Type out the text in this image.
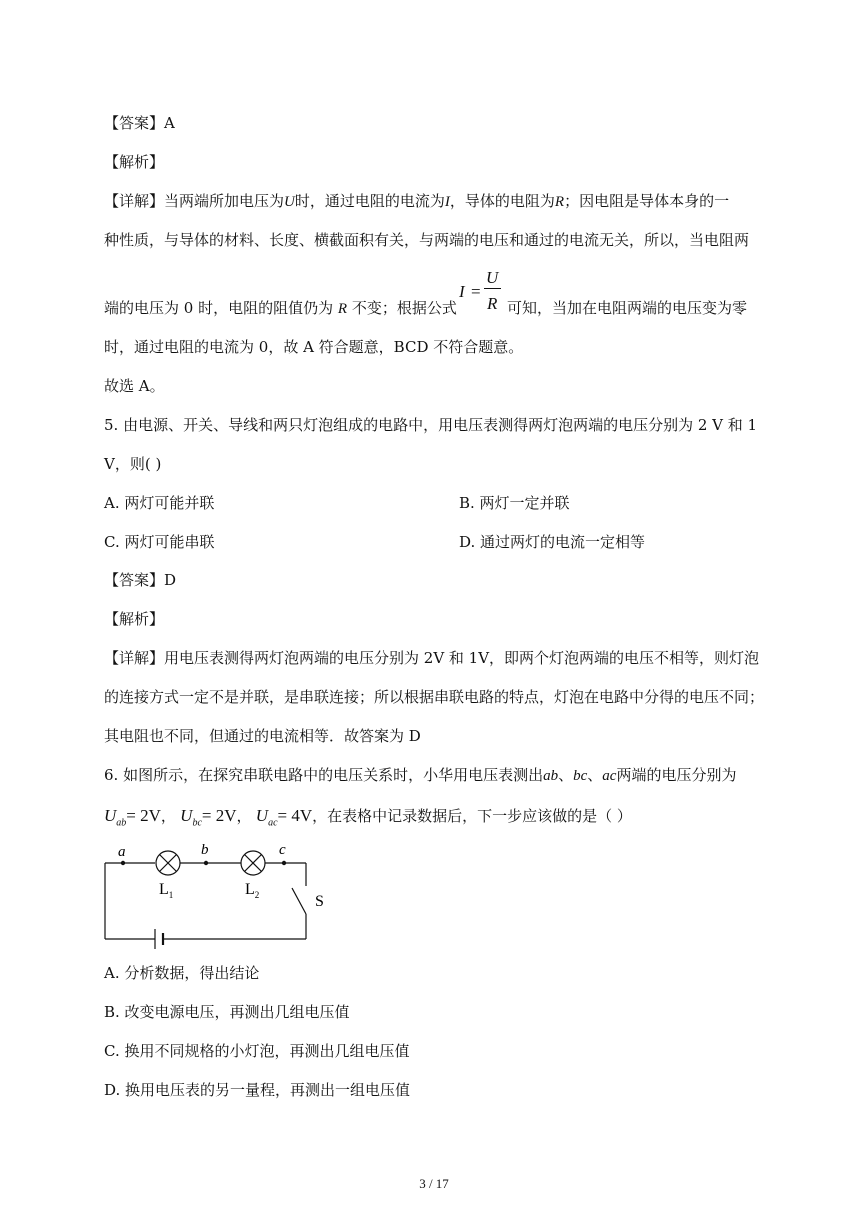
【答案】A
【解析】
【详解】当两端所加电压为U时，通过电阻的电流为I，导体的电阻为R；因电阻是导体本身的一
种性质，与导体的材料、长度、横截面积有关，与两端的电压和通过的电流无关，所以，当电阻两
端的电压为 0 时，电阻的阻值仍为 R 不变；根据公式
I =
U
R 可知，当加在电阻两端的电压变为零
时，通过电阻的电流为 0，故 A 符合题意，BCD 不符合题意。
故选 A。
5. 由电源、开关、导线和两只灯泡组成的电路中，用电压表测得两灯泡两端的电压分别为 2 V 和 1
V，则( )
A. 两灯可能并联	B. 两灯一定并联
C. 两灯可能串联	D. 通过两灯的电流一定相等
【答案】D
【解析】
【详解】用电压表测得两灯泡两端的电压分别为 2V 和 1V，即两个灯泡两端的电压不相等，则灯泡
的连接方式一定不是并联，是串联连接；所以根据串联电路的特点，灯泡在电路中分得的电压不同；
其电阻也不同，但通过的电流相等．故答案为 D
6. 如图所示，在探究串联电路中的电压关系时，小华用电压表测出ab、bc、ac两端的电压分别为
$U_{ab}= 2V$， $U_{bc}= 2V$， $U_{ac}= 4V$，在表格中记录数据后，下一步应该做的是（ ）
a	b	c
$L_1$	$L_2$	S
A. 分析数据，得出结论
B. 改变电源电压，再测出几组电压值
C. 换用不同规格的小灯泡，再测出几组电压值
D. 换用电压表的另一量程，再测出一组电压值
3 / 17
